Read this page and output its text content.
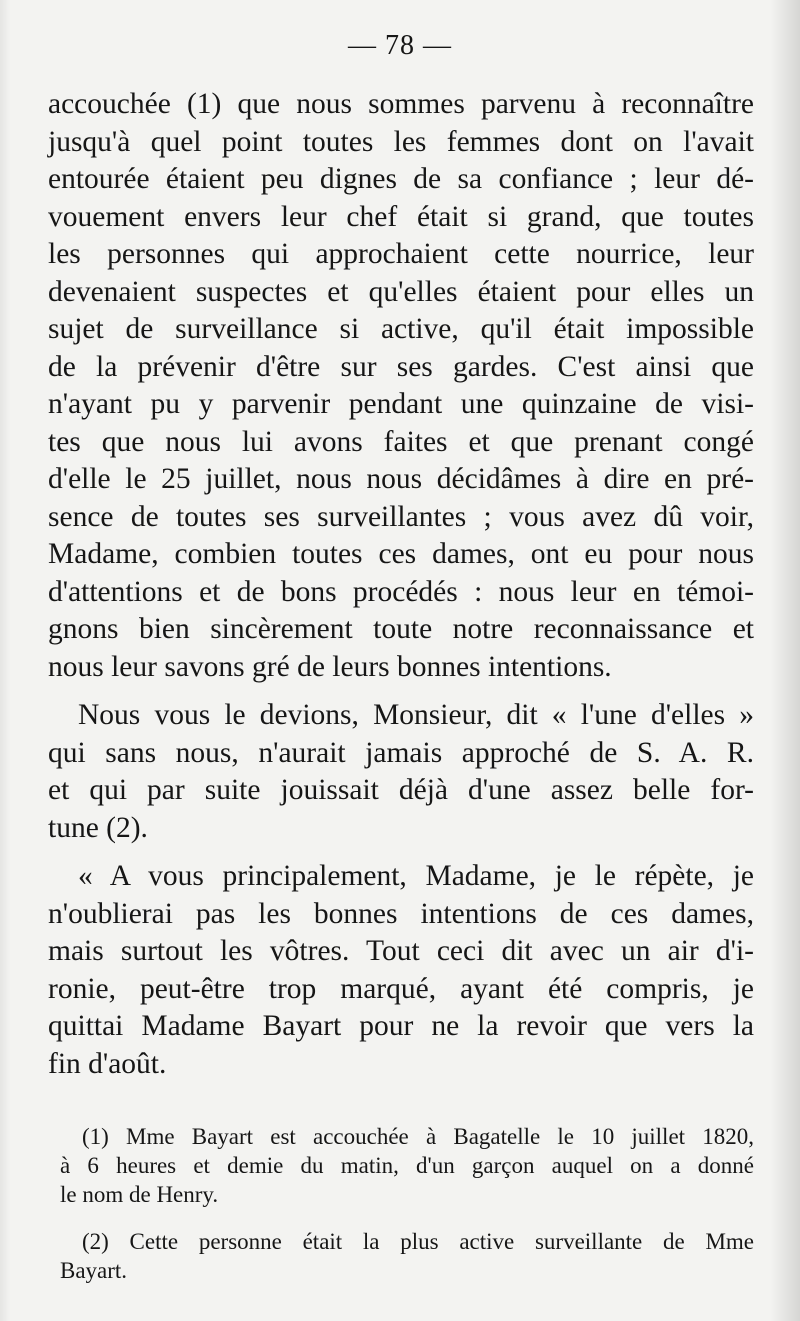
— 78 —

accouchée (1) que nous sommes parvenu à reconnaître
jusqu'à quel point toutes les femmes dont on l'avait
entourée étaient peu dignes de sa confiance ; leur dé-
vouement envers leur chef était si grand, que toutes
les personnes qui approchaient cette nourrice, leur
devenaient suspectes et qu'elles étaient pour elles un
sujet de surveillance si active, qu'il était impossible
de la prévenir d'être sur ses gardes. C'est ainsi que
n'ayant pu y parvenir pendant une quinzaine de visi-
tes que nous lui avons faites et que prenant congé
d'elle le 25 juillet, nous nous décidâmes à dire en pré-
sence de toutes ses surveillantes ; vous avez dû voir,
Madame, combien toutes ces dames, ont eu pour nous
d'attentions et de bons procédés : nous leur en témoi-
gnons bien sincèrement toute notre reconnaissance et
nous leur savons gré de leurs bonnes intentions.

Nous vous le devions, Monsieur, dit « l'une d'elles »
qui sans nous, n'aurait jamais approché de S. A. R.
et qui par suite jouissait déjà d'une assez belle for-
tune (2).

« A vous principalement, Madame, je le répète, je
n'oublierai pas les bonnes intentions de ces dames,
mais surtout les vôtres. Tout ceci dit avec un air d'i-
ronie, peut-être trop marqué, ayant été compris, je
quittai Madame Bayart pour ne la revoir que vers la
fin d'août.

(1) Mme Bayart est accouchée à Bagatelle le 10 juillet 1820,
à 6 heures et demie du matin, d'un garçon auquel on a donné
le nom de Henry.

(2) Cette personne était la plus active surveillante de Mme
Bayart.
